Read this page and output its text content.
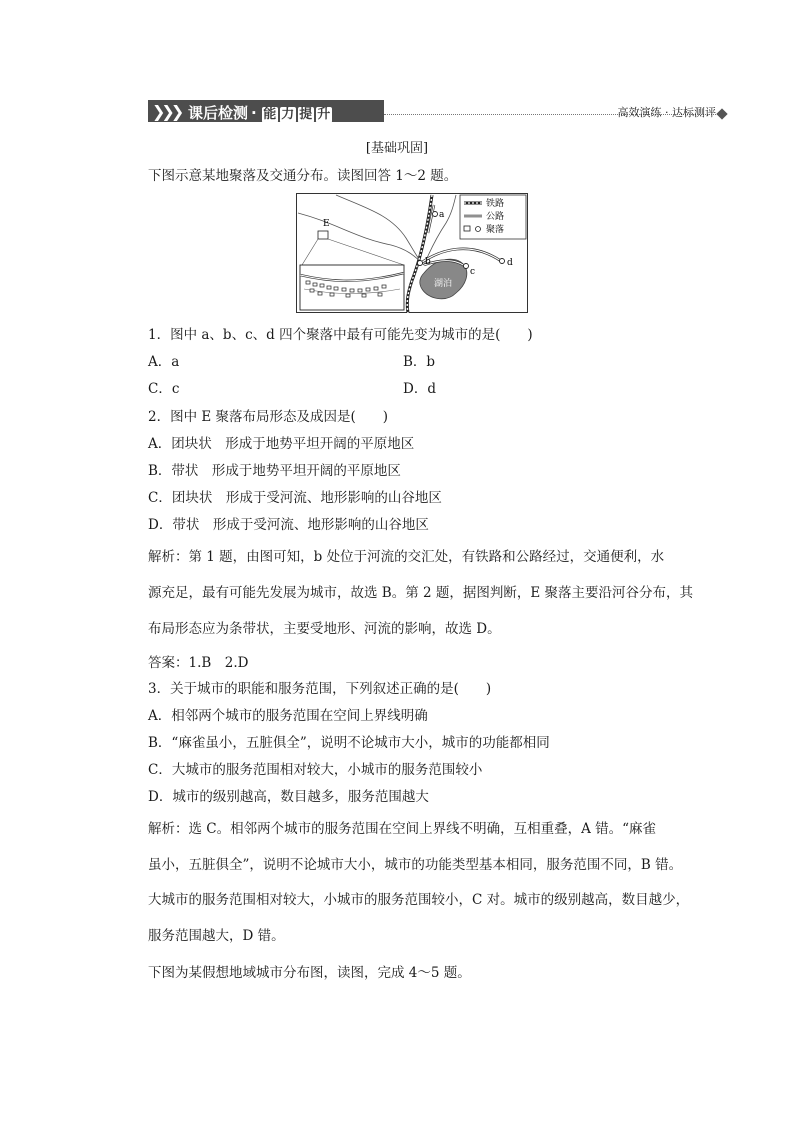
❯❯❯ 课后检测 · 能 力 提 升	高效演练 · 达标测评
[基础巩固]

下图示意某地聚落及交通分布。读图回答 1～2 题。

湖泊
a
b
c
d
E
铁路
公路
聚落

1．图中 a、b、c、d 四个聚落中最有可能先变为城市的是(　　)

A．a	B．b

C．c	D．d

2．图中 E 聚落布局形态及成因是(　　)

A．团块状　形成于地势平坦开阔的平原地区

B．带状　形成于地势平坦开阔的平原地区

C．团块状　形成于受河流、地形影响的山谷地区

D．带状　形成于受河流、地形影响的山谷地区

解析：第 1 题，由图可知，b 处位于河流的交汇处，有铁路和公路经过，交通便利，水

源充足，最有可能先发展为城市，故选 B。第 2 题，据图判断，E 聚落主要沿河谷分布，其

布局形态应为条带状，主要受地形、河流的影响，故选 D。

答案：1.B　2.D

3．关于城市的职能和服务范围，下列叙述正确的是(　　)

A．相邻两个城市的服务范围在空间上界线明确

B．“麻雀虽小，五脏俱全”，说明不论城市大小，城市的功能都相同

C．大城市的服务范围相对较大，小城市的服务范围较小

D．城市的级别越高，数目越多，服务范围越大

解析：选 C。相邻两个城市的服务范围在空间上界线不明确，互相重叠，A 错。“麻雀

虽小，五脏俱全”，说明不论城市大小，城市的功能类型基本相同，服务范围不同，B 错。

大城市的服务范围相对较大，小城市的服务范围较小，C 对。城市的级别越高，数目越少，

服务范围越大，D 错。

下图为某假想地域城市分布图，读图，完成 4～5 题。
